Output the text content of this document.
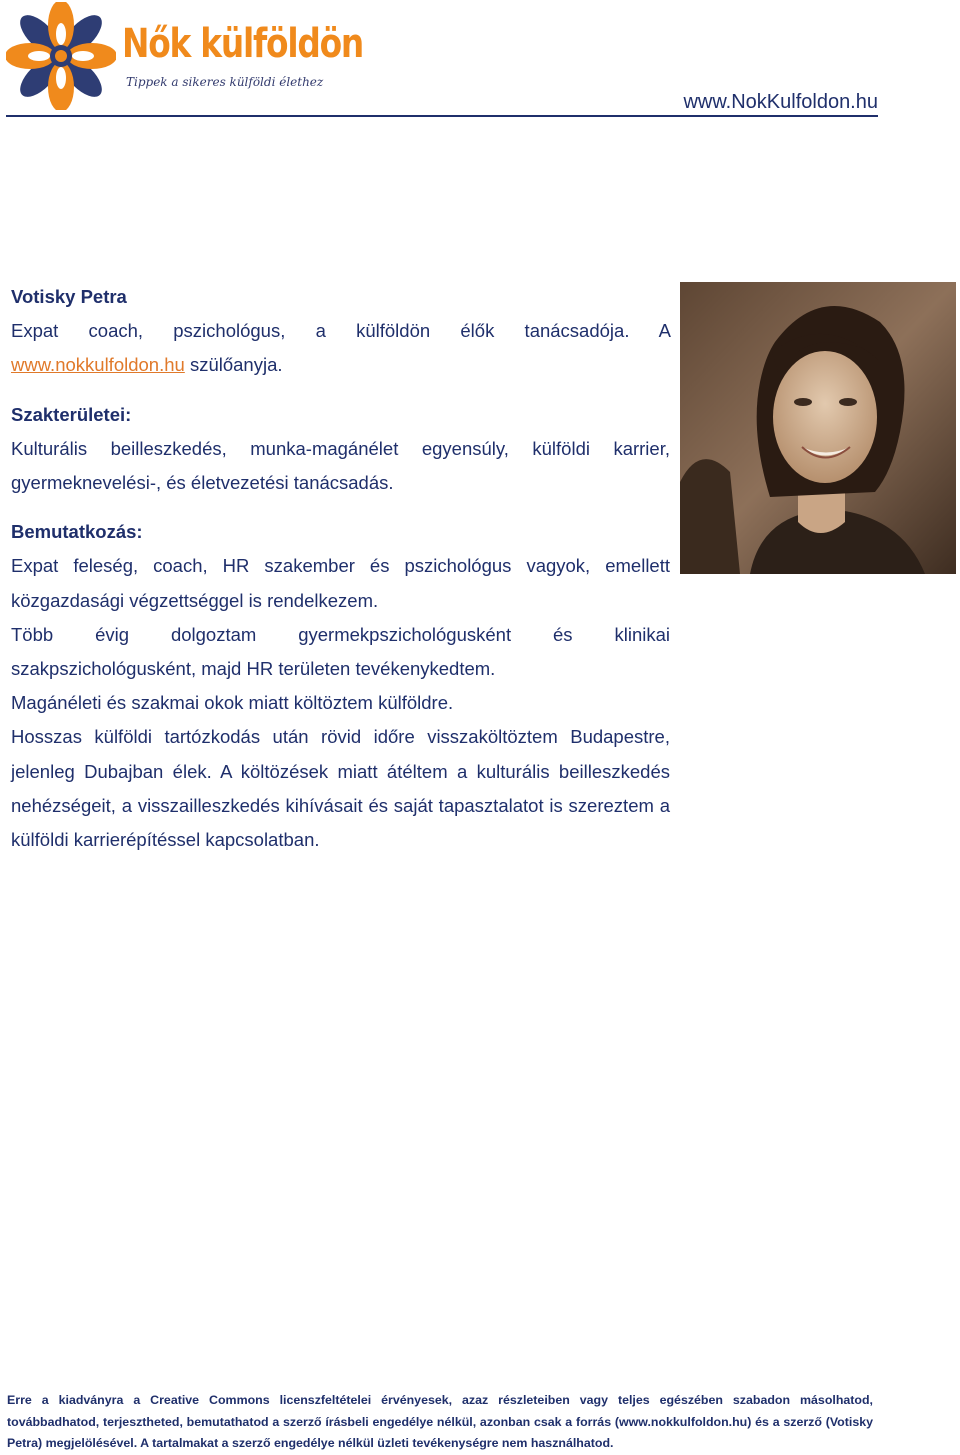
Nők külföldön
Tippek a sikeres külföldi élethez
www.NokKulfoldon.hu

Votisky Petra

Expat coach, pszichológus, a külföldön élők tanácsadója. A www.nokkulfoldon.hu szülőanyja.

Szakterületei:

Kulturális beilleszkedés, munka-magánélet egyensúly, külföldi karrier, gyermeknevelési-, és életvezetési tanácsadás.

Bemutatkozás:

Expat feleség, coach, HR szakember és pszichológus vagyok, emellett közgazdasági végzettséggel is rendelkezem.

Több évig dolgoztam gyermekpszichológusként és klinikai szakpszichológusként, majd HR területen tevékenykedtem.

Magánéleti és szakmai okok miatt költöztem külföldre.

Hosszas külföldi tartózkodás után rövid időre visszaköltöztem Budapestre, jelenleg Dubajban élek. A költözések miatt átéltem a kulturális beilleszkedés nehézségeit, a visszailleszkedés kihívásait és saját tapasztalatot is szereztem a külföldi karrierépítéssel kapcsolatban.

Erre a kiadványra a Creative Commons licenszfeltételei érvényesek, azaz részleteiben vagy teljes egészében szabadon másolhatod, továbbadhatod, terjesztheted, bemutathatod a szerző írásbeli engedélye nélkül, azonban csak a forrás (www.nokkulfoldon.hu) és a szerző (Votisky Petra) megjelölésével. A tartalmakat a szerző engedélye nélkül üzleti tevékenységre nem használhatod.
